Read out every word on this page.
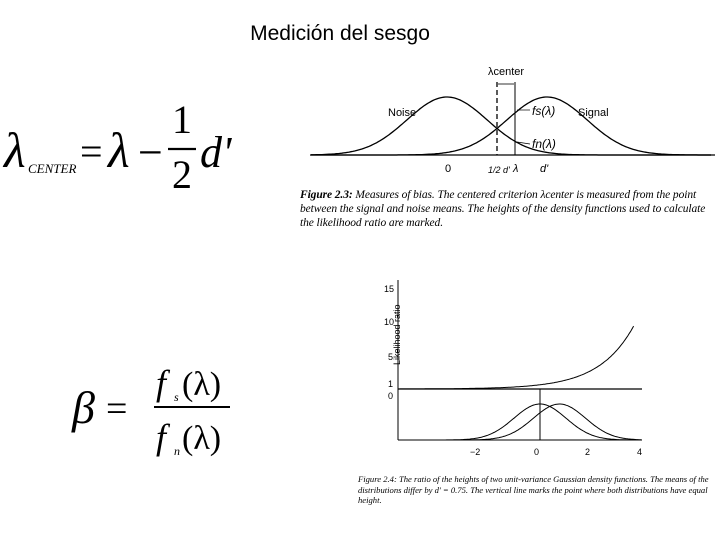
Medición del sesgo
λ CENTER = λ −
1
2 d'
β =
f s (λ)
f n (λ)
λcenter
Noise	Signal
fs(λ)
fn(λ)
0	1/2 d' λ d'
Figure 2.3: Measures of bias. The centered criterion λcenter is measured from the point between the signal and noise means. The heights of the density functions used to calculate the likelihood ratio are marked.
Likelihood ratio
15
10
5
1
0
−2	0	2	4
Figure 2.4: The ratio of the heights of two unit-variance Gaussian density functions. The means of the distributions differ by d' = 0.75. The vertical line marks the point where both distributions have equal height.
